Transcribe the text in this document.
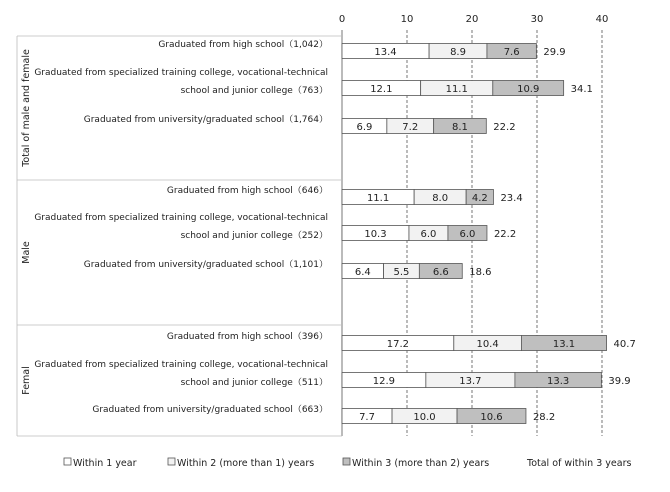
0	10	20	30	40
Total of male and female
Graduated from high school（1,042）
13.4	8.9	7.6 29.9
Graduated from specialized training college, vocational-technical
school and junior college（763）	12.1	11.1	10.9	34.1
Graduated from university/graduated school（1,764）
6.9	7.2	8.1	22.2
Male
Graduated from high school（646）
11.1	8.0 4.2 23.4
Graduated from specialized training college, vocational-technical
school and junior college（252）	10.3	6.0 6.0 22.2
Graduated from university/graduated school（1,101）
6.4 5.5 6.6 18.6
Femal
Graduated from high school（396）
17.2	10.4	13.1	40.7
Graduated from specialized training college, vocational-technical
school and junior college（511）	12.9	13.7	13.3	39.9
Graduated from university/graduated school（663）
7.7	10.0	10.6	28.2
Within 1 year	Within 2 (more than 1) years	Within 3 (more than 2) years	Total of within 3 years
